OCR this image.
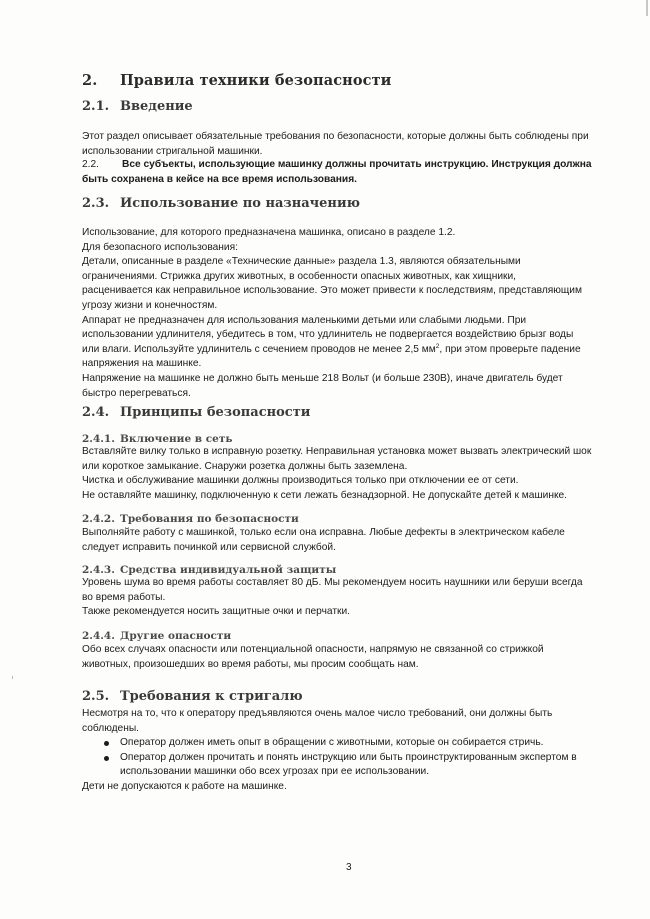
2. Правила техники безопасности
2.1. Введение
Этот раздел описывает обязательные требования по безопасности, которые должны быть соблюдены при
использовании стригальной машинки.
2.2. Все субъекты, использующие машинку должны прочитать инструкцию. Инструкция должна
быть сохранена в кейсе на все время использования.
2.3. Использование по назначению
Использование, для которого предназначена машинка, описано в разделе 1.2.
Для безопасного использования:
Детали, описанные в разделе «Технические данные» раздела 1.3, являются обязательными
ограничениями. Стрижка других животных, в особенности опасных животных, как хищники,
расценивается как неправильное использование. Это может привести к последствиям, представляющим
угрозу жизни и конечностям.
Аппарат не предназначен для использования маленькими детьми или слабыми людьми. При
использовании удлинителя, убедитесь в том, что удлинитель не подвергается воздействию брызг воды
или влаги. Используйте удлинитель с сечением проводов не менее 2,5 $мм^2$, при этом проверьте падение
напряжения на машинке.
Напряжение на машинке не должно быть меньше 218 Вольт (и больше 230В), иначе двигатель будет
быстро перегреваться.
2.4. Принципы безопасности
2.4.1. Включение в сеть
Вставляйте вилку только в исправную розетку. Неправильная установка может вызвать электрический шок
или короткое замыкание. Снаружи розетка должны быть заземлена.
Чистка и обслуживание машинки должны производиться только при отключении ее от сети.
Не оставляйте машинку, подключенную к сети лежать безнадзорной. Не допускайте детей к машинке.
2.4.2. Требования по безопасности
Выполняйте работу с машинкой, только если она исправна. Любые дефекты в электрическом кабеле
следует исправить починкой или сервисной службой.
2.4.3. Средства индивидуальной защиты
Уровень шума во время работы составляет 80 дБ. Мы рекомендуем носить наушники или беруши всегда
во время работы.
Также рекомендуется носить защитные очки и перчатки.
2.4.4. Другие опасности
Обо всех случаях опасности или потенциальной опасности, напрямую не связанной со стрижкой
животных, произошедших во время работы, мы просим сообщать нам.
2.5. Требования к стригалю
Несмотря на то, что к оператору предъявляются очень малое число требований, они должны быть
соблюдены.
Оператор должен иметь опыт в обращении с животными, которые он собирается стричь.
Оператор должен прочитать и понять инструкцию или быть проинструктированным экспертом в
использовании машинки обо всех угрозах при ее использовании.
Дети не допускаются к работе на машинке.
3
